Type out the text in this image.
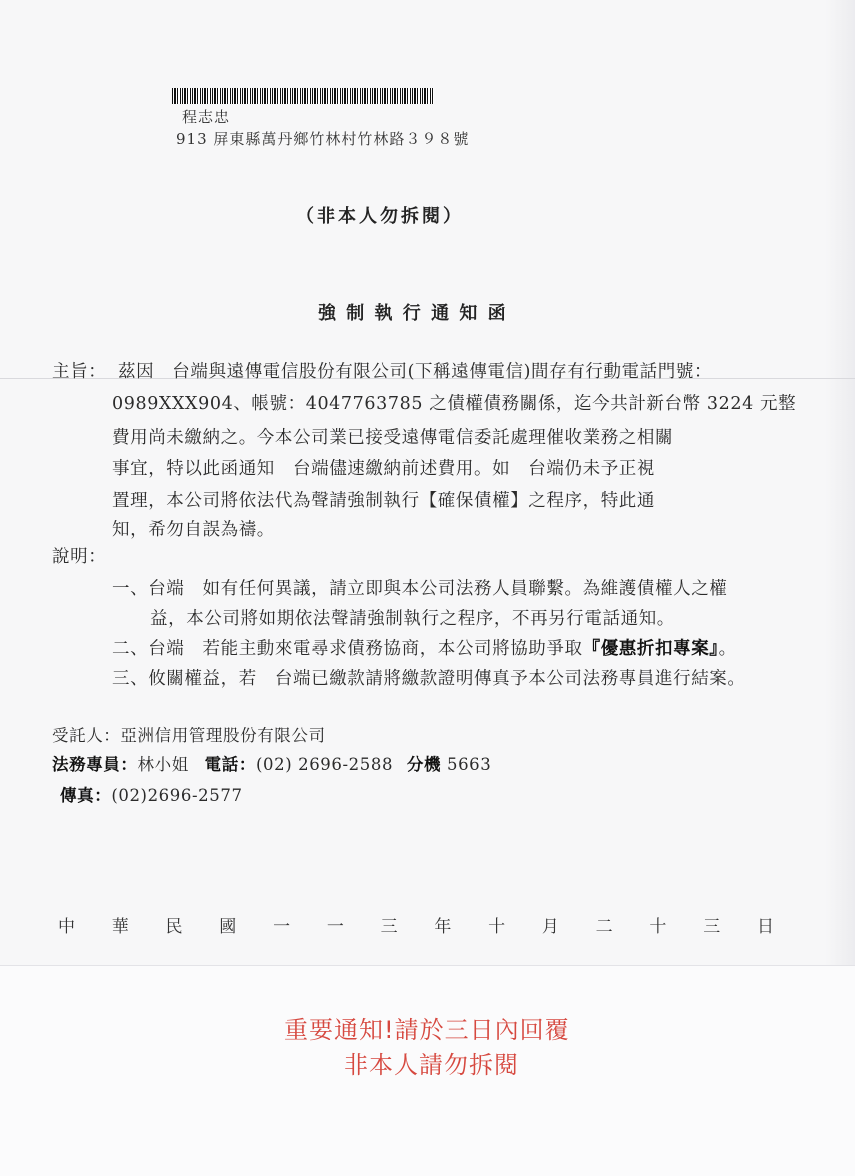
程志忠
913 屏東縣萬丹鄉竹林村竹林路３９８號
（非本人勿拆閱）
強 制 執 行 通 知 函
主旨： 茲因　台端與遠傳電信股份有限公司(下稱遠傳電信)間存有行動電話門號：
0989XXX904、帳號：4047763785 之債權債務關係，迄今共計新台幣 3224 元整
費用尚未繳納之。今本公司業已接受遠傳電信委託處理催收業務之相關
事宜，特以此函通知　台端儘速繳納前述費用。如　台端仍未予正視
置理，本公司將依法代為聲請強制執行【確保債權】之程序，特此通
知，希勿自誤為禱。
說明：
一、台端　如有任何異議，請立即與本公司法務人員聯繫。為維護債權人之權
益，本公司將如期依法聲請強制執行之程序，不再另行電話通知。
二、台端　若能主動來電尋求債務協商，本公司將協助爭取『優惠折扣專案』。
三、攸關權益，若　台端已繳款請將繳款證明傳真予本公司法務專員進行結案。
受託人：亞洲信用管理股份有限公司
法務專員：林小姐 電話：(02) 2696-2588 分機 5663
傳真：(02)2696-2577
中 華 民 國 一 一 三 年 十 月 二 十 三 日
重要通知!請於三日內回覆
非本人請勿拆閱
